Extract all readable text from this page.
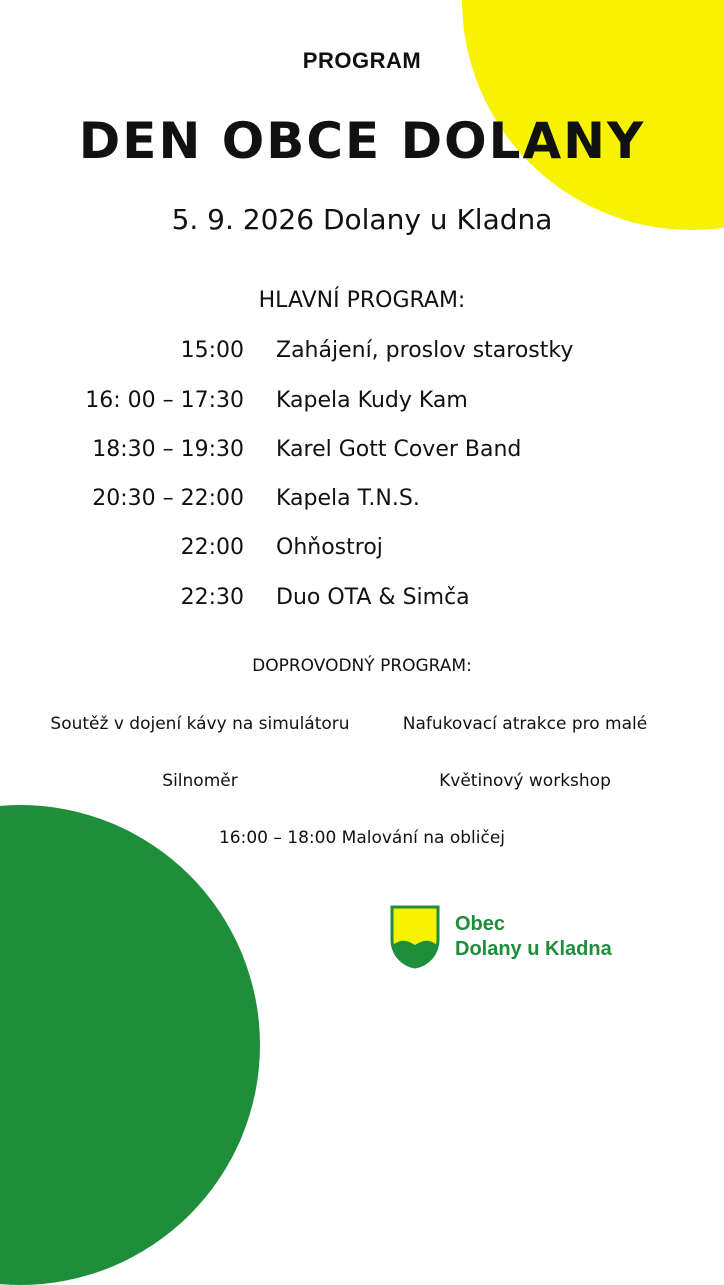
PROGRAM
DEN OBCE DOLANY
5. 9. 2026 Dolany u Kladna
HLAVNÍ PROGRAM:
15:00 Zahájení, proslov starostky
16: 00 – 17:30 Kapela Kudy Kam
18:30 – 19:30 Karel Gott Cover Band
20:30 – 22:00 Kapela T.N.S.
22:00 Ohňostroj
22:30 Duo OTA & Simča
DOPROVODNÝ PROGRAM:
Soutěž v dojení kávy na simulátoru	Nafukovací atrakce pro malé
Silnoměr	Květinový workshop
16:00 – 18:00 Malování na obličej
Obec
Dolany u Kladna
